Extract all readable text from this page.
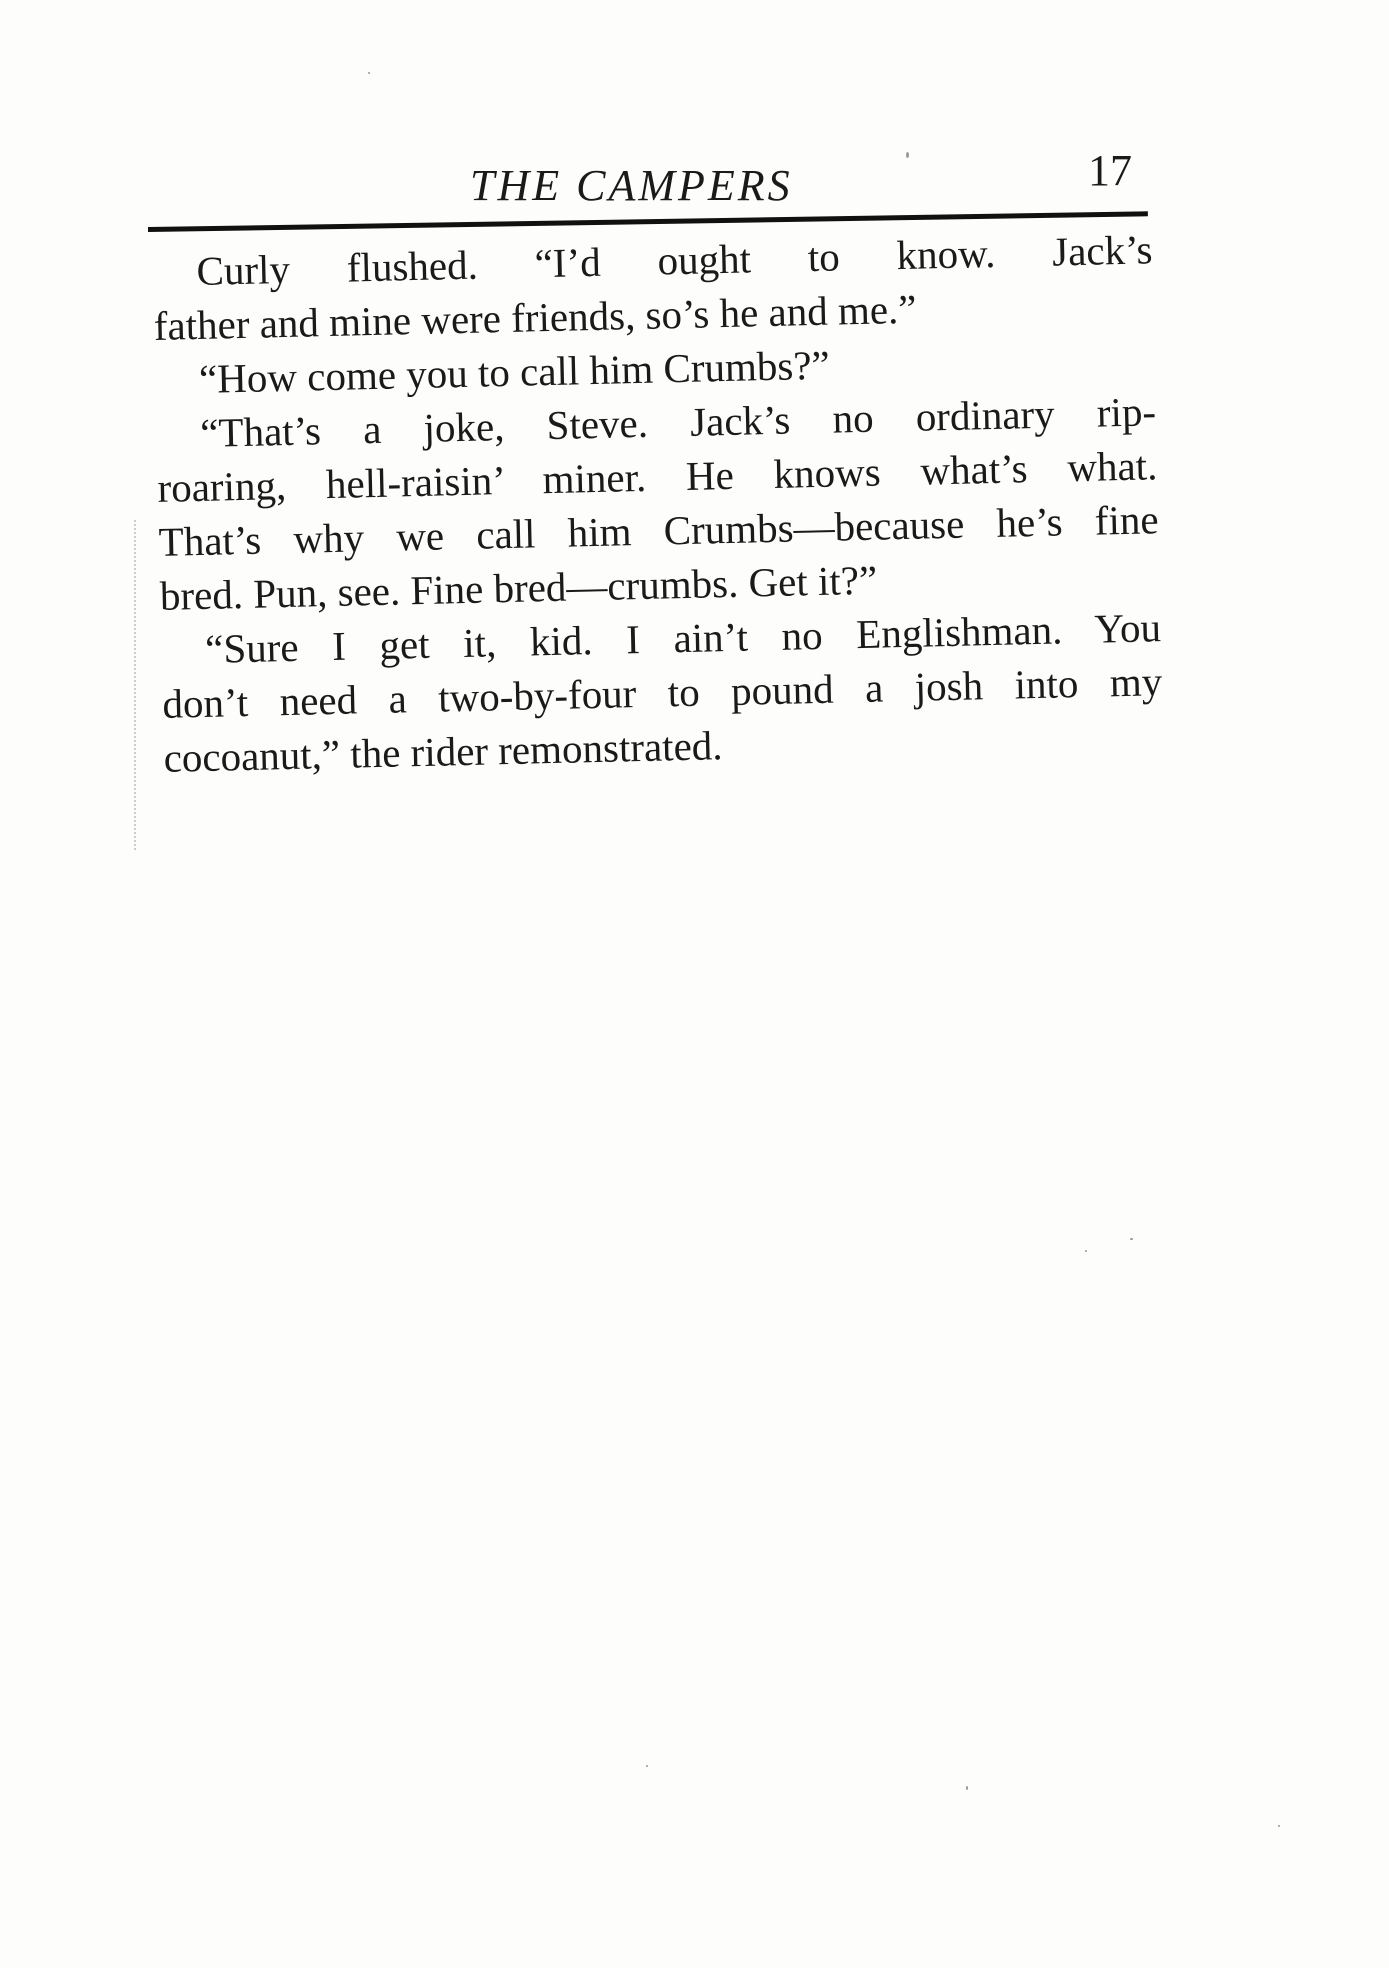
THE CAMPERS	17
Curly flushed. “I’d ought to know. Jack’s
father and mine were friends, so’s he and me.”
“How come you to call him Crumbs?”
“That’s a joke, Steve. Jack’s no ordinary rip-
roaring, hell-raisin’ miner. He knows what’s what.
That’s why we call him Crumbs—because he’s fine
bred. Pun, see. Fine bred—crumbs. Get it?”
“Sure I get it, kid. I ain’t no Englishman. You
don’t need a two-by-four to pound a josh into my
cocoanut,” the rider remonstrated.
